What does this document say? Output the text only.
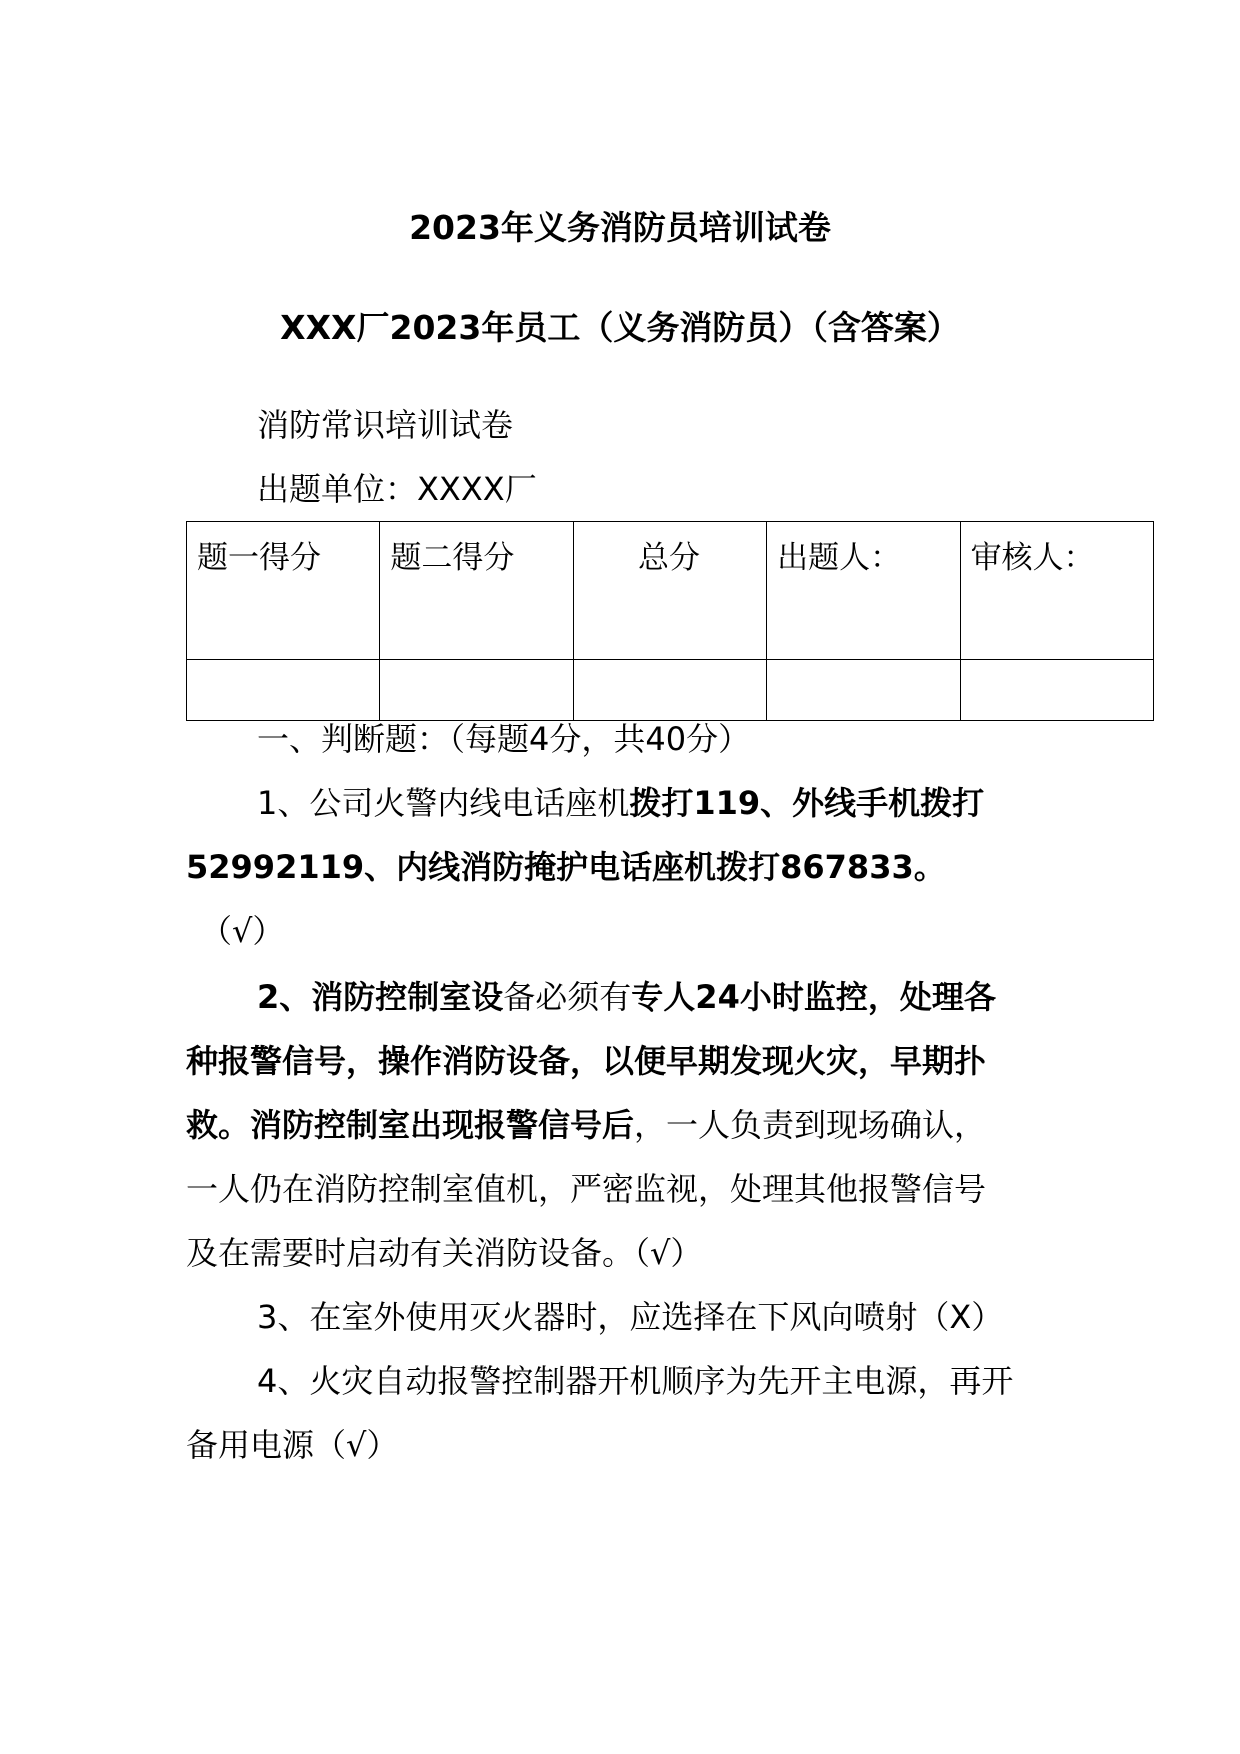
2023年义务消防员培训试卷
XXX厂2023年员工（义务消防员）（含答案）
消防常识培训试卷
出题单位：XXXX厂
题一得分	题二得分	总分	出题人：	审核人：

一、判断题：（每题4分，共40分）
1、公司火警内线电话座机拨打119、外线手机拨打
52992119、内线消防掩护电话座机拨打867833。
（√）
2、消防控制室设备必须有专人24小时监控，处理各
种报警信号，操作消防设备，以便早期发现火灾，早期扑
救。消防控制室出现报警信号后，一人负责到现场确认，
一人仍在消防控制室值机，严密监视，处理其他报警信号
及在需要时启动有关消防设备。（√）
3、在室外使用灭火器时，应选择在下风向喷射（X）
4、火灾自动报警控制器开机顺序为先开主电源，再开
备用电源（√）
